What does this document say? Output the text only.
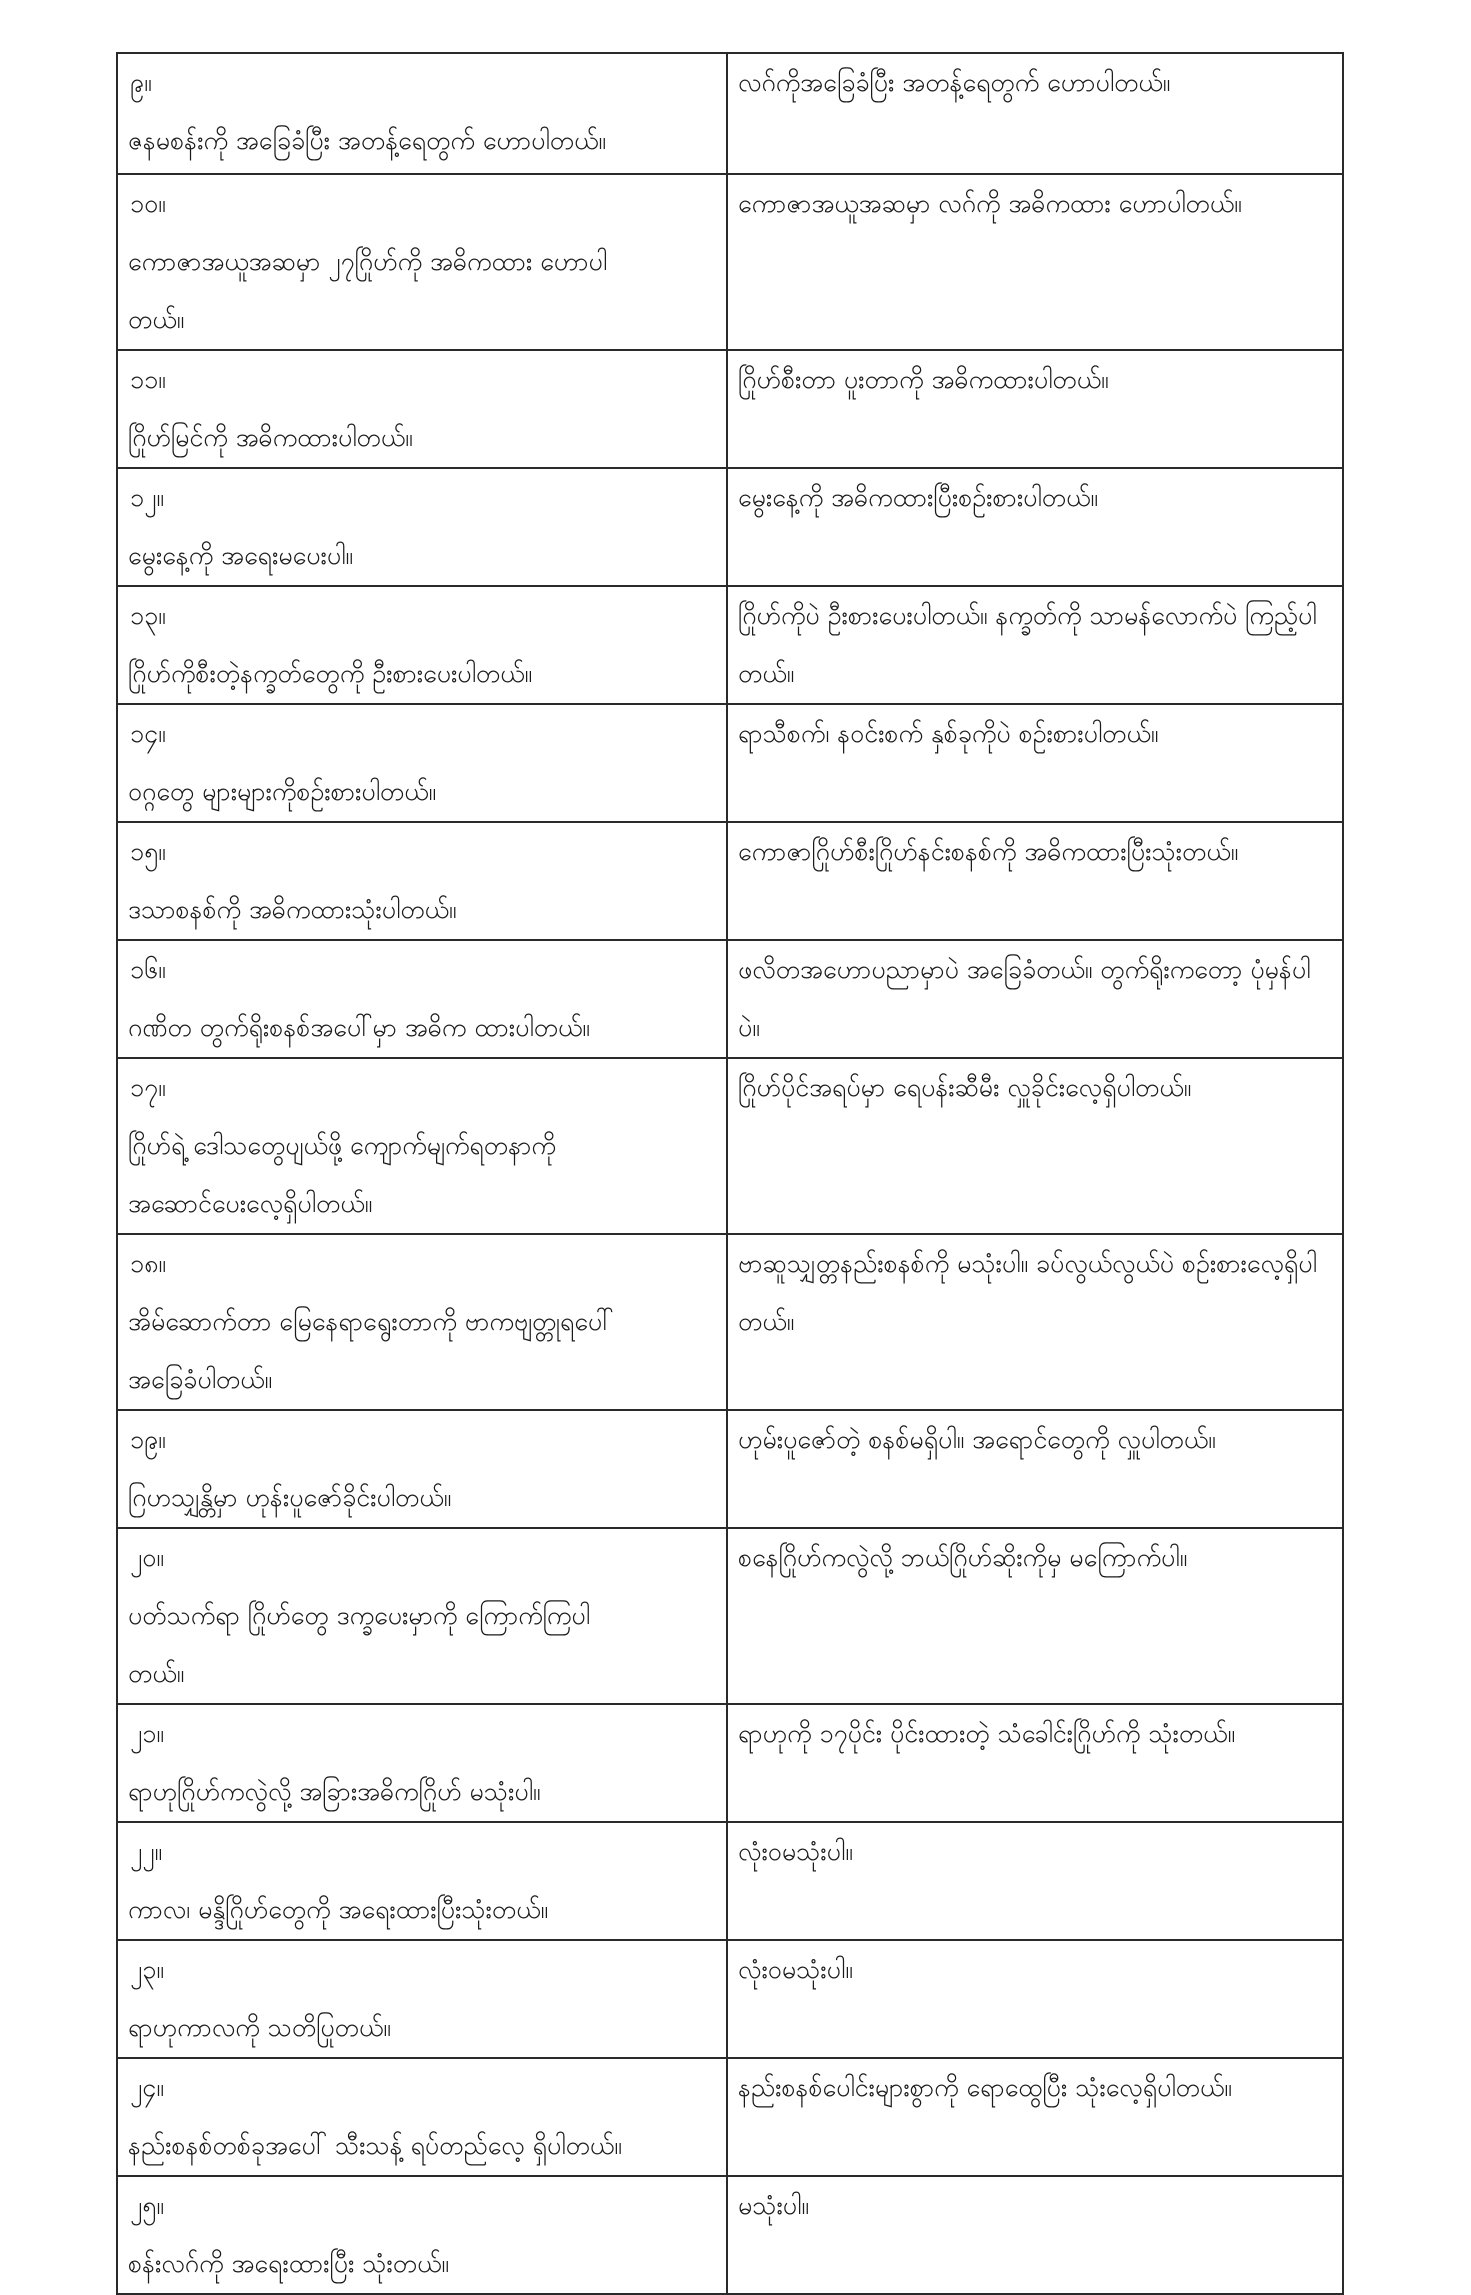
၉။ဇနမစန်းကို အခြေခံပြီး အတန့်ရေတွက် ဟောပါတယ်။	လဂ်ကိုအခြေခံပြီး အတန့်ရေတွက် ဟောပါတယ်။

၁၀။ကောဇာအယူအဆမှာ ၂၇ဂြိုဟ်ကို အဓိကထား ဟောပါတယ်။	ကောဇာအယူအဆမှာ လဂ်ကို အဓိကထား ဟောပါတယ်။

၁၁။ဂြိုဟ်မြင်ကို အဓိကထားပါတယ်။	ဂြိုဟ်စီးတာ ပူးတာကို အဓိကထားပါတယ်။

၁၂။မွေးနေ့ကို အရေးမပေးပါ။	မွေးနေ့ကို အဓိကထားပြီးစဉ်းစားပါတယ်။

၁၃။ဂြိုဟ်ကိုစီးတဲ့နက္ခတ်တွေကို ဦးစားပေးပါတယ်။	ဂြိုဟ်ကိုပဲ ဦးစားပေးပါတယ်။ နက္ခတ်ကို သာမန်လောက်ပဲ ကြည့်ပါတယ်။

၁၄။ဝဂ္ဂတွေ များများကိုစဉ်းစားပါတယ်။	ရာသီစက်၊ နဝင်းစက် နှစ်ခုကိုပဲ စဉ်းစားပါတယ်။

၁၅။ဒသာစနစ်ကို အဓိကထားသုံးပါတယ်။	ကောဇာဂြိုဟ်စီးဂြိုဟ်နင်းစနစ်ကို အဓိကထားပြီးသုံးတယ်။

၁၆။ဂဏိတ တွက်ရိုးစနစ်အပေါ်မှာ အဓိက ထားပါတယ်။	ဖလိတအဟောပညာမှာပဲ အခြေခံတယ်။ တွက်ရိုးကတော့ ပုံမှန်ပါပဲ။

၁၇။ဂြိုဟ်ရဲ့ ဒေါသတွေပျယ်ဖို့ ကျောက်မျက်ရတနာကို အဆောင်ပေးလေ့ရှိပါတယ်။	ဂြိုဟ်ပိုင်အရပ်မှာ ရေပန်းဆီမီး လှူခိုင်းလေ့ရှိပါတယ်။

၁၈။အိမ်ဆောက်တာ မြေနေရာရွေးတာကို ဗာကဗျတ္တုရပေါ် အခြေခံပါတယ်။	ဗာဆူသျှတ္တနည်းစနစ်ကို မသုံးပါ။ ခပ်လွယ်လွယ်ပဲ စဉ်းစားလေ့ရှိပါတယ်။

၁၉။ဂြဟသျှန္တိမှာ ဟုန်းပူဇော်ခိုင်းပါတယ်။	ဟုမ်းပူဇော်တဲ့ စနစ်မရှိပါ။ အရောင်တွေကို လှူပါတယ်။

၂၀။ပတ်သက်ရာ ဂြိုဟ်တွေ ဒက္ခပေးမှာကို ကြောက်ကြပါတယ်။	စနေဂြိုဟ်ကလွဲလို့ ဘယ်ဂြိုဟ်ဆိုးကိုမှ မကြောက်ပါ။

၂၁။ရာဟုဂြိုဟ်ကလွဲလို့ အခြားအဓိကဂြိုဟ် မသုံးပါ။	ရာဟုကို ၁၇ပိုင်း ပိုင်းထားတဲ့ သံခေါင်းဂြိုဟ်ကို သုံးတယ်။

၂၂။ကာလ၊ မန္ဒိဂြိုဟ်တွေကို အရေးထားပြီးသုံးတယ်။	လုံးဝမသုံးပါ။

၂၃။ရာဟုကာလကို သတိပြုတယ်။	လုံးဝမသုံးပါ။

၂၄။နည်းစနစ်တစ်ခုအပေါ် သီးသန့် ရပ်တည်လေ့ ရှိပါတယ်။	နည်းစနစ်ပေါင်းများစွာကို ရောထွေပြီး သုံးလေ့ရှိပါတယ်။

၂၅။စန်းလဂ်ကို အရေးထားပြီး သုံးတယ်။	မသုံးပါ။
